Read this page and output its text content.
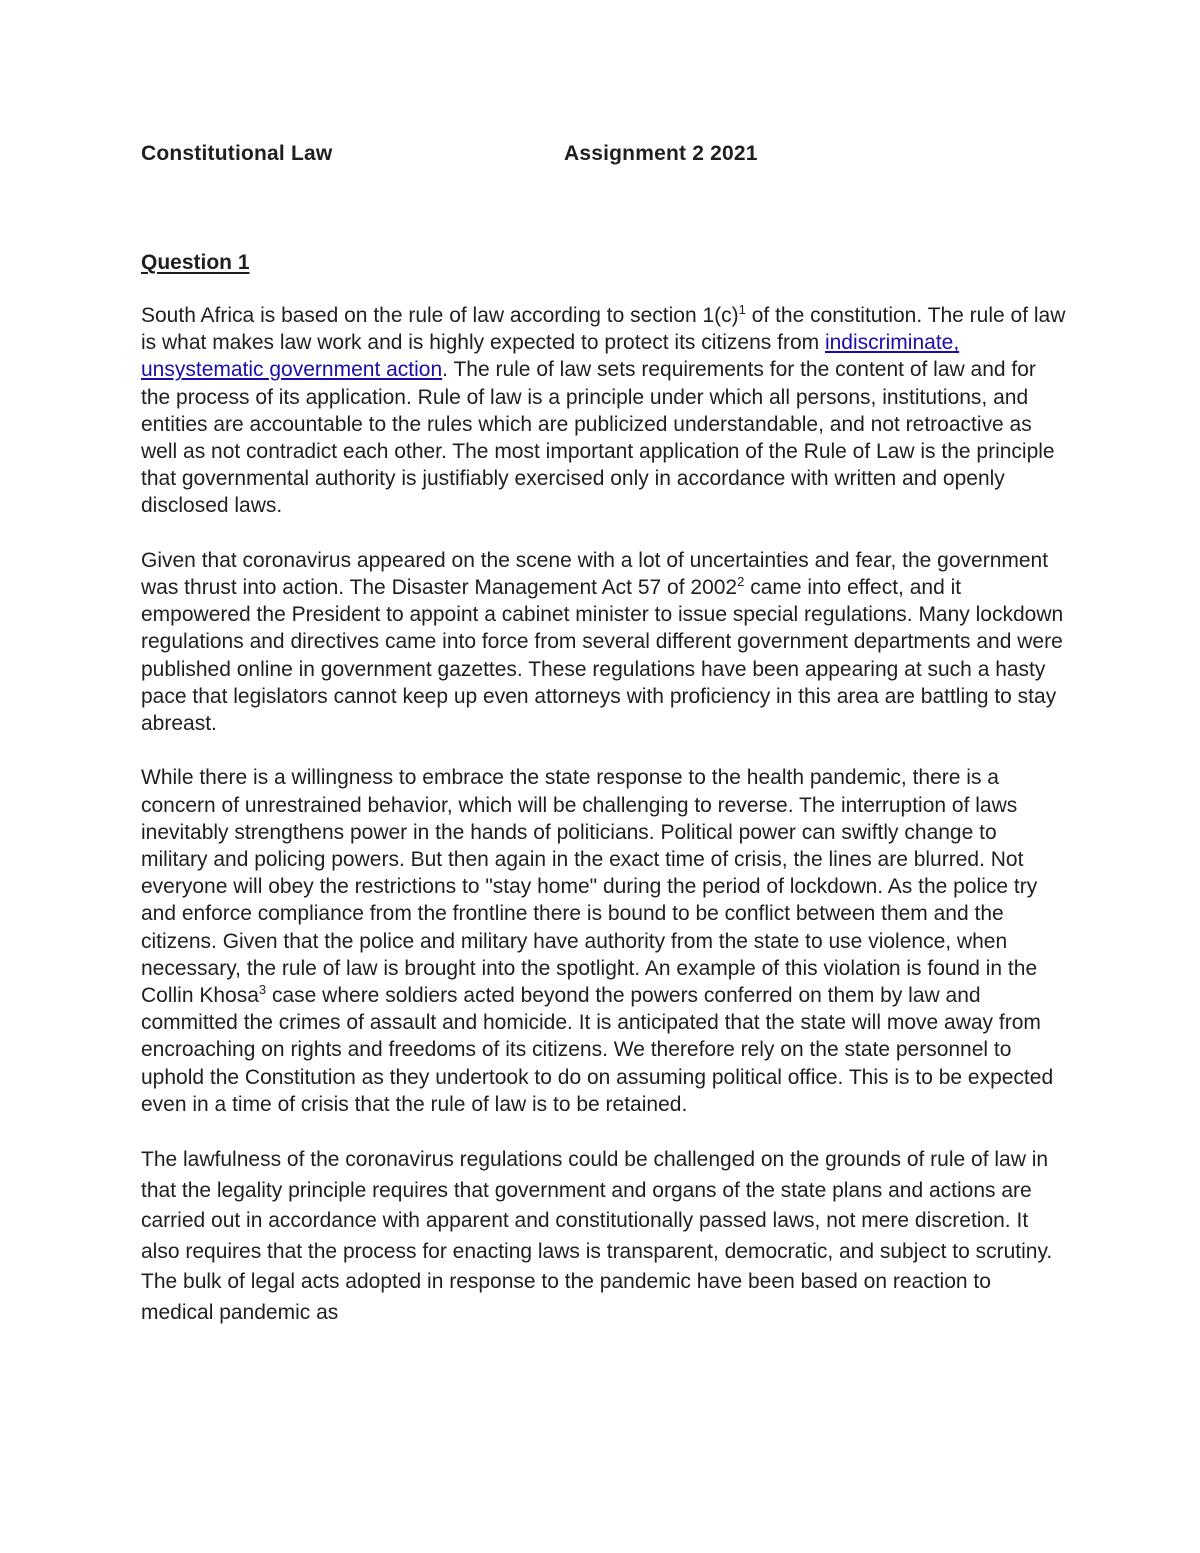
Constitutional Law	Assignment 2 2021
Question 1

South Africa is based on the rule of law according to section 1(c)$^1$ of the constitution. The rule of law is what makes law work and is highly expected to protect its citizens from indiscriminate, unsystematic government action. The rule of law sets requirements for the content of law and for the process of its application. Rule of law is a principle under which all persons, institutions, and entities are accountable to the rules which are publicized understandable, and not retroactive as well as not contradict each other. The most important application of the Rule of Law is the principle that governmental authority is justifiably exercised only in accordance with written and openly disclosed laws.

Given that coronavirus appeared on the scene with a lot of uncertainties and fear, the government was thrust into action. The Disaster Management Act 57 of 2002$^2$ came into effect, and it empowered the President to appoint a cabinet minister to issue special regulations. Many lockdown regulations and directives came into force from several different government departments and were published online in government gazettes. These regulations have been appearing at such a hasty pace that legislators cannot keep up even attorneys with proficiency in this area are battling to stay abreast.

While there is a willingness to embrace the state response to the health pandemic, there is a concern of unrestrained behavior, which will be challenging to reverse. The interruption of laws inevitably strengthens power in the hands of politicians. Political power can swiftly change to military and policing powers. But then again in the exact time of crisis, the lines are blurred. Not everyone will obey the restrictions to "stay home" during the period of lockdown. As the police try and enforce compliance from the frontline there is bound to be conflict between them and the citizens. Given that the police and military have authority from the state to use violence, when necessary, the rule of law is brought into the spotlight. An example of this violation is found in the Collin Khosa$^3$ case where soldiers acted beyond the powers conferred on them by law and committed the crimes of assault and homicide. It is anticipated that the state will move away from encroaching on rights and freedoms of its citizens. We therefore rely on the state personnel to uphold the Constitution as they undertook to do on assuming political office. This is to be expected even in a time of crisis that the rule of law is to be retained.

The lawfulness of the coronavirus regulations could be challenged on the grounds of rule of law in that the legality principle requires that government and organs of the state plans and actions are carried out in accordance with apparent and constitutionally passed laws, not mere discretion. It also requires that the process for enacting laws is transparent, democratic, and subject to scrutiny. The bulk of legal acts adopted in response to the pandemic have been based on reaction to medical pandemic as
